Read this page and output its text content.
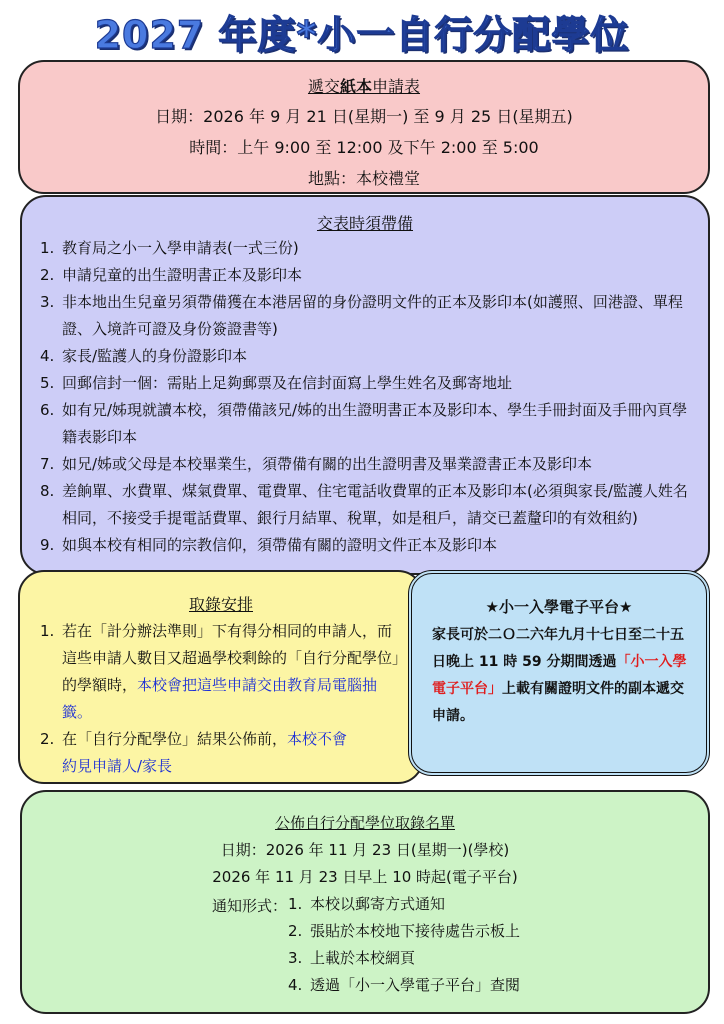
2027 年度*小一自行分配學位
遞交紙本申請表
日期：2026 年 9 月 21 日(星期一) 至 9 月 25 日(星期五)
時間：上午 9:00 至 12:00 及下午 2:00 至 5:00
地點：本校禮堂
交表時須帶備
1. 教育局之小一入學申請表(一式三份)
2. 申請兒童的出生證明書正本及影印本
3. 非本地出生兒童另須帶備獲在本港居留的身份證明文件的正本及影印本(如護照、回港證、單程證、入境許可證及身份簽證書等)
4. 家長/監護人的身份證影印本
5. 回郵信封一個：需貼上足夠郵票及在信封面寫上學生姓名及郵寄地址
6. 如有兄/姊現就讀本校，須帶備該兄/姊的出生證明書正本及影印本、學生手冊封面及手冊內頁學籍表影印本
7. 如兄/姊或父母是本校畢業生，須帶備有關的出生證明書及畢業證書正本及影印本
8. 差餉單、水費單、煤氣費單、電費單、住宅電話收費單的正本及影印本(必須與家長/監護人姓名相同，不接受手提電話費單、銀行月結單、稅單，如是租戶，請交已蓋釐印的有效租約)
9. 如與本校有相同的宗教信仰，須帶備有關的證明文件正本及影印本
取錄安排
1. 若在「計分辦法準則」下有得分相同的申請人，而這些申請人數目又超過學校剩餘的「自行分配學位」的學額時，本校會把這些申請交由教育局電腦抽籤。
2. 在「自行分配學位」結果公佈前，本校不會約見申請人/家長
★小一入學電子平台★
家長可於二Ｏ二六年九月十七日至二十五日晚上 11 時 59 分期間透過「小一入學電子平台」上載有關證明文件的副本遞交申請。
公佈自行分配學位取錄名單
日期：2026 年 11 月 23 日(星期一)(學校)
2026 年 11 月 23 日早上 10 時起(電子平台)
通知形式： 1. 本校以郵寄方式通知
2. 張貼於本校地下接待處告示板上
3. 上載於本校網頁
4. 透過「小一入學電子平台」查閱
